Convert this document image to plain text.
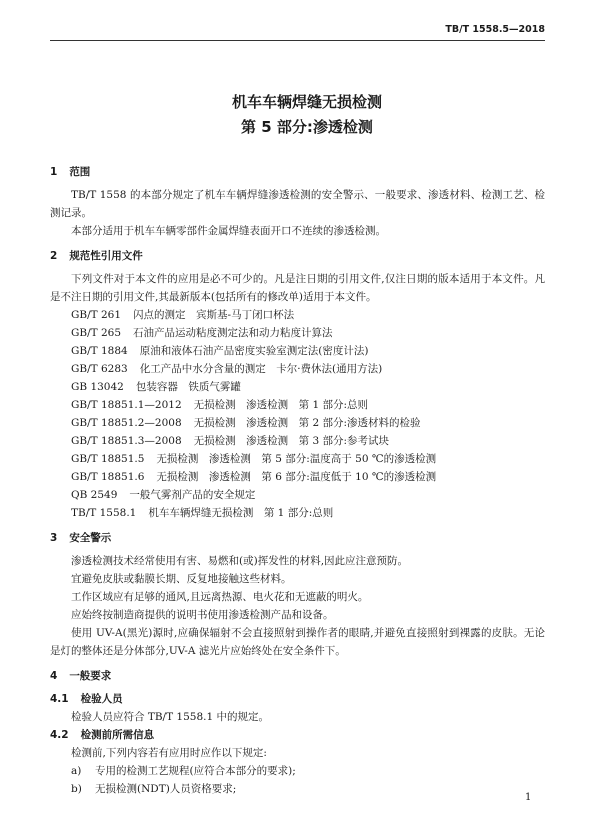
TB/T 1558.5—2018
机车车辆焊缝无损检测
第 5 部分:渗透检测
1 范围

TB/T 1558 的本部分规定了机车车辆焊缝渗透检测的安全警示、一般要求、渗透材料、检测工艺、检测记录。

本部分适用于机车车辆零部件金属焊缝表面开口不连续的渗透检测。

2 规范性引用文件

下列文件对于本文件的应用是必不可少的。凡是注日期的引用文件,仅注日期的版本适用于本文件。凡是不注日期的引用文件,其最新版本(包括所有的修改单)适用于本文件。

GB/T 261 闪点的测定　宾斯基-马丁闭口杯法
GB/T 265 石油产品运动粘度测定法和动力粘度计算法
GB/T 1884 原油和液体石油产品密度实验室测定法(密度计法)
GB/T 6283 化工产品中水分含量的测定　卡尔·费休法(通用方法)
GB 13042 包装容器　铁质气雾罐
GB/T 18851.1—2012 无损检测　渗透检测　第 1 部分:总则
GB/T 18851.2—2008 无损检测　渗透检测　第 2 部分:渗透材料的检验
GB/T 18851.3—2008 无损检测　渗透检测　第 3 部分:参考试块
GB/T 18851.5 无损检测　渗透检测　第 5 部分:温度高于 50 ℃的渗透检测
GB/T 18851.6 无损检测　渗透检测　第 6 部分:温度低于 10 ℃的渗透检测
QB 2549 一般气雾剂产品的安全规定
TB/T 1558.1 机车车辆焊缝无损检测　第 1 部分:总则
3 安全警示

渗透检测技术经常使用有害、易燃和(或)挥发性的材料,因此应注意预防。

宜避免皮肤或黏膜长期、反复地接触这些材料。

工作区域应有足够的通风,且远离热源、电火花和无遮蔽的明火。

应始终按制造商提供的说明书使用渗透检测产品和设备。

使用 UV-A(黑光)源时,应确保辐射不会直接照射到操作者的眼睛,并避免直接照射到裸露的皮肤。无论是灯的整体还是分体部分,UV-A 滤光片应始终处在安全条件下。

4 一般要求
4.1 检验人员

检验人员应符合 TB/T 1558.1 中的规定。

4.2 检测前所需信息

检测前,下列内容若有应用时应作以下规定:

a) 专用的检测工艺规程(应符合本部分的要求);
b) 无损检测(NDT)人员资格要求;
1
